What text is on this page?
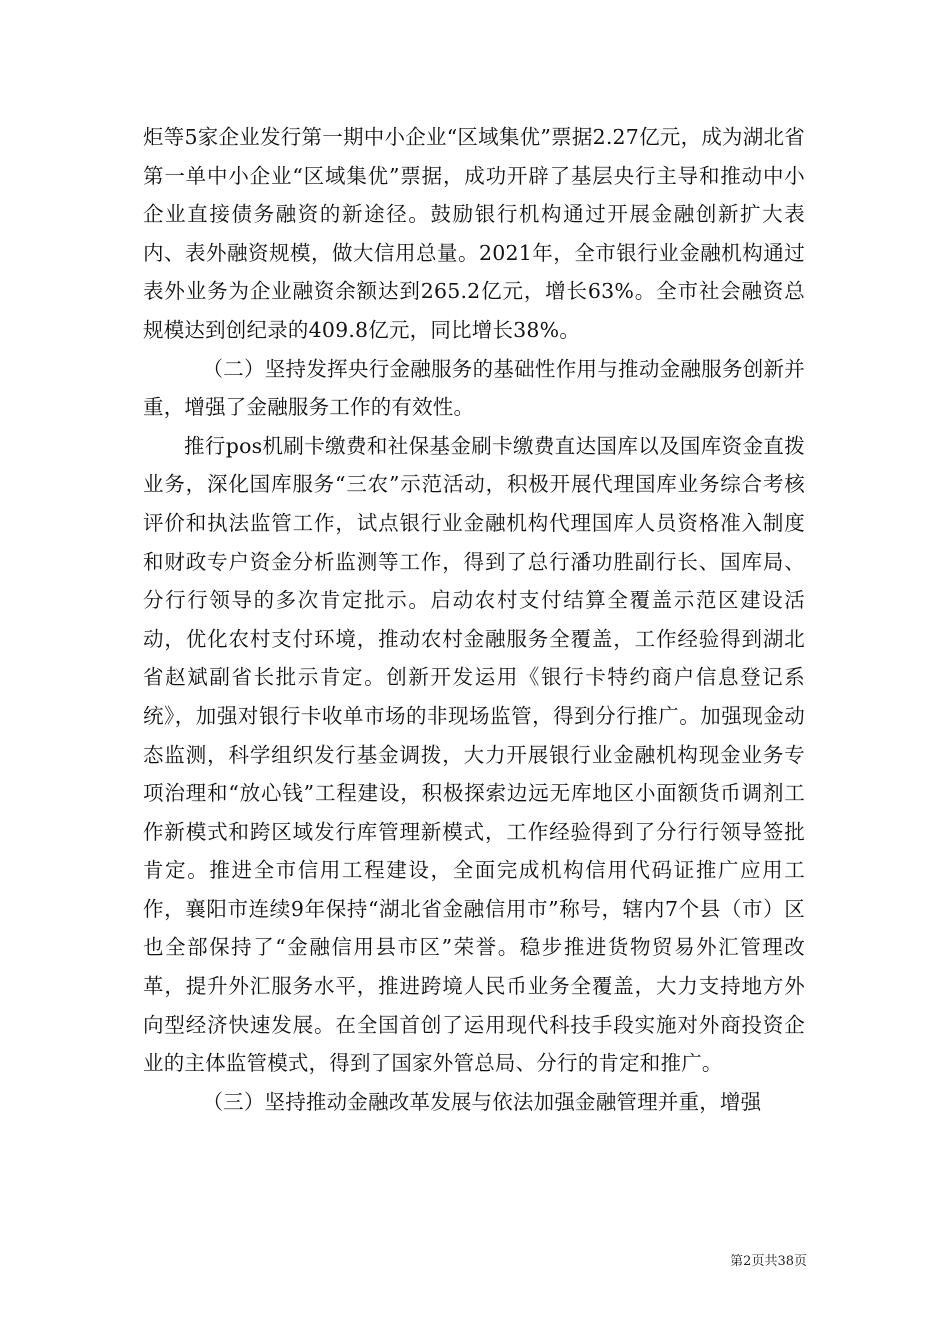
炬等5家企业发行第一期中小企业“区域集优”票据2.27亿元，成为湖北省第一单中小企业“区域集优”票据，成功开辟了基层央行主导和推动中小企业直接债务融资的新途径。鼓励银行机构通过开展金融创新扩大表内、表外融资规模，做大信用总量。2021年，全市银行业金融机构通过表外业务为企业融资余额达到265.2亿元，增长63%。全市社会融资总规模达到创纪录的409.8亿元，同比增长38%。

（二）坚持发挥央行金融服务的基础性作用与推动金融服务创新并重，增强了金融服务工作的有效性。

推行pos机刷卡缴费和社保基金刷卡缴费直达国库以及国库资金直拨业务，深化国库服务“三农”示范活动，积极开展代理国库业务综合考核评价和执法监管工作，试点银行业金融机构代理国库人员资格准入制度和财政专户资金分析监测等工作，得到了总行潘功胜副行长、国库局、分行行领导的多次肯定批示。启动农村支付结算全覆盖示范区建设活动，优化农村支付环境，推动农村金融服务全覆盖，工作经验得到湖北省赵斌副省长批示肯定。创新开发运用《银行卡特约商户信息登记系统》，加强对银行卡收单市场的非现场监管，得到分行推广。加强现金动态监测，科学组织发行基金调拨，大力开展银行业金融机构现金业务专项治理和“放心钱”工程建设，积极探索边远无库地区小面额货币调剂工作新模式和跨区域发行库管理新模式，工作经验得到了分行行领导签批肯定。推进全市信用工程建设，全面完成机构信用代码证推广应用工作，襄阳市连续9年保持“湖北省金融信用市”称号，辖内7个县（市）区也全部保持了“金融信用县市区”荣誉。稳步推进货物贸易外汇管理改革，提升外汇服务水平，推进跨境人民币业务全覆盖，大力支持地方外向型经济快速发展。在全国首创了运用现代科技手段实施对外商投资企业的主体监管模式，得到了国家外管总局、分行的肯定和推广。

（三）坚持推动金融改革发展与依法加强金融管理并重，增强

第2页共38页
